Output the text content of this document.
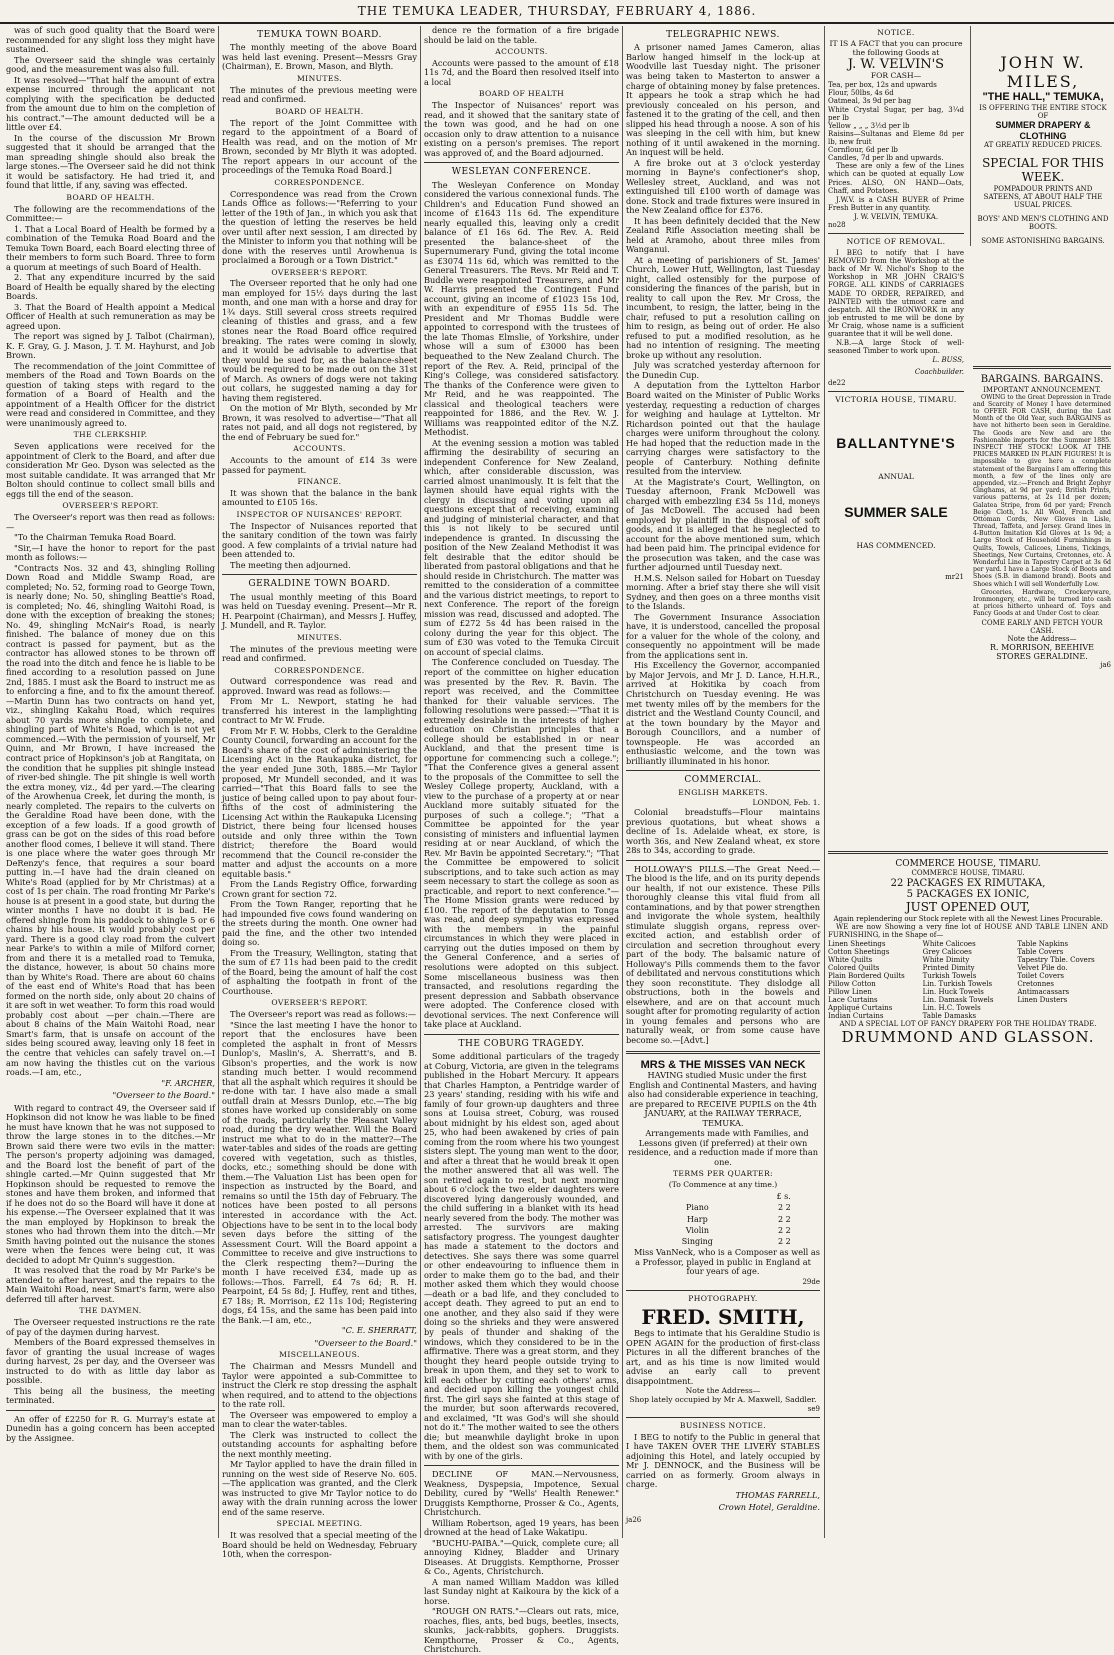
THE TEMUKA LEADER, THURSDAY, FEBRUARY 4, 1886.

was of such good quality that the Board were recommended for any slight loss they might have sustained.

The Overseer said the shingle was certainly good, and the measurement was also full.

It was resolved—"That half the amount of extra expense incurred through the applicant not complying with the specification be deducted from the amount due to him on the completion of his contract."—The amount deducted will be a little over £4.

In the course of the discussion Mr Brown suggested that it should be arranged that the man spreading shingle should also break the large stones.—The Overseer said he did not think it would be satisfactory. He had tried it, and found that little, if any, saving was effected.

BOARD OF HEALTH.

The following are the recommendations of the Committee:—

1. That a Local Board of Health be formed by a combination of the Temuka Road Board and the Temuka Town Board, each Board electing three of their members to form such Board. Three to form a quorum at meetings of such Board of Health.

2. That any expenditure incurred by the said Board of Health be equally shared by the electing Boards.

3. That the Board of Health appoint a Medical Officer of Health at such remuneration as may be agreed upon.

The report was signed by J. Talbot (Chairman), K. F. Gray, G. J. Mason, J. T. M. Hayhurst, and Job Brown.

The recommendation of the joint Committee of members of the Road and Town Boards on the question of taking steps with regard to the formation of a Board of Health and the appointment of a Health Officer for the district were read and considered in Committee, and they were unanimously agreed to.

THE CLERKSHIP.

Seven applications were received for the appointment of Clerk to the Board, and after due consideration Mr Geo. Dyson was selected as the most suitable candidate. It was arranged that Mr Bolton should continue to collect small bills and eggs till the end of the season.

OVERSEER'S REPORT.

The Overseer's report was then read as follows:—

"To the Chairman Temuka Road Board.

"Sir,—I have the honor to report for the past month as follows:—

"Contracts Nos. 32 and 43, shingling Rolling Down Road and Middle Swamp Road, are completed; No. 52, forming road to George Town, is nearly done; No. 50, shingling Beattie's Road, is completed; No. 46, shingling Waitohi Road, is done with the exception of breaking the stones; No. 49, shingling McNair's Road, is nearly finished. The balance of money due on this contract is passed for payment, but as the contractor has allowed stones to be thrown off the road into the ditch and fence he is liable to be fined according to a resolution passed on June 2nd, 1885. I must ask the Board to instruct me as to enforcing a fine, and to fix the amount thereof.—Martin Dunn has two contracts on hand yet, viz., shingling Kakahu Road, which requires about 70 yards more shingle to complete, and shingling part of White's Road, which is not yet commenced.—With the permission of yourself, Mr Quinn, and Mr Brown, I have increased the contract price of Hopkinson's job at Rangitata, on the condition that he supplies pit shingle instead of river-bed shingle. The pit shingle is well worth the extra money, viz., 4d per yard.—The clearing of the Arowhenua Creek, let during the month, is nearly completed. The repairs to the culverts on the Geraldine Road have been done, with the exception of a few loads. If a good growth of grass can be got on the sides of this road before another flood comes, I believe it will stand. There is one place where the water goes through Mr DeRenzy's fence, that requires a sour board putting in.—I have had the drain cleaned on White's Road (applied for by Mr Christmas) at a cost of 1s per chain. The road fronting Mr Parke's house is at present in a good state, but during the winter months I have no doubt it is bad. He offered shingle from his paddock to shingle 5 or 6 chains by his house. It would probably cost per yard. There is a good clay road from the culvert near Parke's to within a mile of Milford corner, from and there it is a metalled road to Temuka, the distance, however, is about 50 chains more than by White's Road. There are about 60 chains of the east end of White's Road that has been formed on the north side, only about 20 chains of it are soft in wet weather. To form this road would probably cost about —per chain.—There are about 8 chains of the Main Waitohi Road, near Smart's farm, that is unsafe on account of the sides being scoured away, leaving only 18 feet in the centre that vehicles can safely travel on.—I am now having the thistles cut on the various roads.—I am, etc.,

"F. ARCHER,
"Overseer to the Board."

With regard to contract 49, the Overseer said if Hopkinson did not know he was liable to be fined he must have known that he was not supposed to throw the large stones in to the ditches.—Mr Brown said there were two evils in the matter: The person's property adjoining was damaged, and the Board lost the benefit of part of the shingle carted.—Mr Quinn suggested that Mr Hopkinson should be requested to remove the stones and have them broken, and informed that if he does not do so the Board will have it done at his expense.—The Overseer explained that it was the man employed by Hopkinson to break the stones who had thrown them into the ditch.—Mr Smith having pointed out the nuisance the stones were when the fences were being cut, it was decided to adopt Mr Quinn's suggestion.

It was resolved that the road by Mr Parke's be attended to after harvest, and the repairs to the Main Waitohi Road, near Smart's farm, were also deferred till after harvest.

THE DAYMEN.

The Overseer requested instructions re the rate of pay of the daymen during harvest.

Members of the Board expressed themselves in favor of granting the usual increase of wages during harvest, 2s per day, and the Overseer was instructed to do with as little day labor as possible.

This being all the business, the meeting terminated.

An offer of £2250 for R. G. Murray's estate at Dunedin has a going concern has been accepted by the Assignee.

TEMUKA TOWN BOARD.

The monthly meeting of the above Board was held last evening. Present—Messrs Gray (Chairman), E. Brown, Mason, and Blyth.

MINUTES.

The minutes of the previous meeting were read and confirmed.

BOARD OF HEALTH.

The report of the Joint Committee with regard to the appointment of a Board of Health was read, and on the motion of Mr Brown, seconded by Mr Blyth it was adopted. The report appears in our account of the proceedings of the Temuka Road Board.]

CORRESPONDENCE.

Correspondence was read from the Crown Lands Office as follows:—"Referring to your letter of the 19th of Jan., in which you ask that the question of letting the reserves be held over until after next session, I am directed by the Minister to inform you that nothing will be done with the reserves until Arowhenua is proclaimed a Borough or a Town District."

OVERSEER'S REPORT.

The Overseer reported that he only had one man employed for 15½ days during the last month, and one man with a horse and dray for 1¾ days. Still several cross streets required cleaning of thistles and grass, and a few stones near the Road Board office required breaking. The rates were coming in slowly, and it would be advisable to advertise that they would be sued for, as the balance-sheet would be required to be made out on the 31st of March. As owners of dogs were not taking out collars, he suggested naming a day for having them registered.

On the motion of Mr Blyth, seconded by Mr Brown, it was resolved to advertise—"That all rates not paid, and all dogs not registered, by the end of February be sued for."

ACCOUNTS.

Accounts to the amount of £14 3s were passed for payment.

FINANCE.

It was shown that the balance in the bank amounted to £105 16s.

INSPECTOR OF NUISANCES' REPORT.

The Inspector of Nuisances reported that the sanitary condition of the town was fairly good. A few complaints of a trivial nature had been attended to.

The meeting then adjourned.

GERALDINE TOWN BOARD.

The usual monthly meeting of this Board was held on Tuesday evening. Present—Mr R. H. Pearpoint (Chairman), and Messrs J. Huffey, J. Mundell, and R. Taylor.

MINUTES.

The minutes of the previous meeting were read and confirmed.

CORRESPONDENCE.

Outward correspondence was read and approved. Inward was read as follows:—

From Mr L. Newport, stating he had transferred his interest in the lamplighting contract to Mr W. Frude.

From Mr F. W. Hobbs, Clerk to the Geraldine County Council, forwarding an account for the Board's share of the cost of administering the Licensing Act in the Raukapuka district, for the year ended June 30th, 1885.—Mr Taylor proposed, Mr Mundell seconded, and it was carried—"That this Board falls to see the justice of being called upon to pay about four-fifths of the cost of administering the Licensing Act within the Raukapuka Licensing District, there being four licensed houses outside and only three within the Town district; therefore the Board would recommend that the Council re-consider the matter and adjust the accounts on a more equitable basis."

From the Lands Registry Office, forwarding Crown grant for section 72.

From the Town Ranger, reporting that he had impounded five cows found wandering on the streets during the month. One owner had paid the fine, and the other two intended doing so.

From the Treasury, Wellington, stating that the sum of £7 11s had been paid to the credit of the Board, being the amount of half the cost of asphalting the footpath in front of the Courthouse.

OVERSEER'S REPORT.

The Overseer's report was read as follows:—

"Since the last meeting I have the honor to report that the enclosures have been completed the asphalt in front of Messrs Dunlop's, Maslin's, A. Sherratt's, and B. Gibson's properties, and the work is now standing much better. I would recommend that all the asphalt which requires it should be re-done with tar. I have also made a small outfall drain at Messrs Dunlop, etc.—The big stones have worked up considerably on some of the roads, particularly the Pleasant Valley road, during the dry weather. Will the Board instruct me what to do in the matter?—The water-tables and sides of the roads are getting covered with vegetation, such as thistles, docks, etc.; something should be done with them.—The Valuation List has been open for inspection as instructed by the Board, and remains so until the 15th day of February. The notices have been posted to all persons interested in accordance with the Act. Objections have to be sent in to the local body seven days before the sitting of the Assessment Court. Will the Board appoint a Committee to receive and give instructions to the Clerk respecting them?—During the month I have received £34, made up as follows:—Thos. Farrell, £4 7s 6d; R. H. Pearpoint, £4 5s 8d; J. Huffey, rent and tithes, £7 18s; R. Morrison, £2 11s 10d; Registering dogs, £4 15s, and the same has been paid into the Bank.—I am, etc.,

"C. E. SHERRATT,
"Overseer to the Board."
MISCELLANEOUS.

The Chairman and Messrs Mundell and Taylor were appointed a sub-Committee to instruct the Clerk re stop dressing the asphalt when required, and to attend to the objections to the rate roll.

The Overseer was empowered to employ a man to clear the water-tables.

The Clerk was instructed to collect the outstanding accounts for asphalting before the next monthly meeting.

Mr Taylor applied to have the drain filled in running on the west side of Reserve No. 605.—The application was granted, and the Clerk was instructed to give Mr Taylor notice to do away with the drain running across the lower end of the same reserve.

SPECIAL MEETING.

It was resolved that a special meeting of the Board should be held on Wednesday, February 10th, when the correspon-

dence re the formation of a fire brigade should be laid on the table.

ACCOUNTS.

Accounts were passed to the amount of £18 11s 7d, and the Board then resolved itself into a local

BOARD OF HEALTH

The Inspector of Nuisances' report was read, and it showed that the sanitary state of the town was good, and he had on one occasion only to draw attention to a nuisance existing on a person's premises. The report was approved of, and the Board adjourned.

WESLEYAN CONFERENCE.

The Wesleyan Conference on Monday considered the various connexional funds. The Children's and Education Fund showed an income of £1643 11s 6d. The expenditure nearly equalled this, leaving only a credit balance of £1 16s 6d. The Rev. A. Reid presented the balance-sheet of the Supernumerary Fund, giving the total income as £3074 11s 6d, which was remitted to the General Treasurers. The Revs. Mr Reid and T. Buddle were reappointed Treasurers, and Mr W. Harris presented the Contingent Fund account, giving an income of £1023 15s 10d, with an expenditure of £955 11s 5d. The President and Mr Thomas Buddle were appointed to correspond with the trustees of the late Thomas Elmslie, of Yorkshire, under whose will a sum of £3000 has been bequeathed to the New Zealand Church. The report of the Rev. A. Reid, principal of the King's College, was considered satisfactory. The thanks of the Conference were given to Mr Reid, and he was reappointed. The classical and theological teachers were reappointed for 1886, and the Rev. W. J. Williams was reappointed editor of the N.Z. Methodist.

At the evening session a motion was tabled affirming the desirability of securing an independent Conference for New Zealand, which, after considerable discussion, was carried almost unanimously. It is felt that the laymen should have equal rights with the clergy in discussing and voting upon all questions except that of receiving, examining and judging of ministerial character, and that this is not likely to be secured until independence is granted. In discussing the position of the New Zealand Methodist it was felt desirable that the editor should be liberated from pastoral obligations and that he should reside in Christchurch. The matter was remitted to the consideration of a committee and the various district meetings, to report to next Conference. The report of the foreign mission was read, discussed and adopted. The sum of £272 5s 4d has been raised in the colony during the year for this object. The sum of £30 was voted to the Temuka Circuit on account of special claims.

The Conference concluded on Tuesday. The report of the committee on higher education was presented by the Rev. R. Bavin. The report was received, and the Committee thanked for their valuable services. The following resolutions were passed:—"That it is extremely desirable in the interests of higher education on Christian principles that a college should be established in or near Auckland, and that the present time is opportune for commencing such a college."; "That the Conference gives a general assent to the proposals of the Committee to sell the Wesley College property, Auckland, with a view to the purchase of a property at or near Auckland more suitably situated for the purposes of such a college."; "That a Committee be appointed for the year consisting of ministers and influential laymen residing at or near Auckland, of which the Rev. Mr Bavin be appointed Secretary."; "That the Committee be empowered to solicit subscriptions, and to take such action as may seem necessary to start the college as soon as practicable, and report to next conference."—The Home Mission grants were reduced by £100. The report of the deputation to Tonga was read, and deep sympathy was expressed with the members in the painful circumstances in which they were placed in carrying out the duties imposed on them by the General Conference, and a series of resolutions were adopted on this subject. Some miscellaneous business was then transacted, and resolutions regarding the present depression and Sabbath observance were adopted. The Conference closed with devotional services. The next Conference will take place at Auckland.

THE COBURG TRAGEDY.

Some additional particulars of the tragedy at Coburg, Victoria, are given in the telegrams published in the Hobart Mercury. It appears that Charles Hampton, a Pentridge warder of 23 years' standing, residing with his wife and family of four grown-up daughters and three sons at Louisa street, Coburg, was roused about midnight by his eldest son, aged about 25, who had been awakened by cries of pain coming from the room where his two youngest sisters slept. The young man went to the door, and after a threat that he would break it open the mother answered that all was well. The son retired again to rest, but next morning about 6 o'clock the two elder daughters were discovered lying dangerously wounded, and the child suffering in a blanket with its head nearly severed from the body. The mother was arrested. The survivors are making satisfactory progress. The youngest daughter has made a statement to the doctors and detectives. She says there was some quarrel or other endeavouring to influence them in order to make them go to the bad, and their mother asked them which they would choose—death or a bad life, and they concluded to accept death. They agreed to put an end to one another, and they also said if they were doing so the shrieks and they were answered by peals of thunder and shaking of the windows, which they considered to be in the affirmative. There was a great storm, and they thought they heard people outside trying to break in upon them, and they set to work to kill each other by cutting each others' arms, and decided upon killing the youngest child first. The girl says she fainted at this stage of the murder, but soon afterwards recovered, and exclaimed, "It was God's will she should not do it." The mother waited to see the others die; but meanwhile daylight broke in upon them, and the oldest son was communicated with by one of the girls.

DECLINE OF MAN.—Nervousness, Weakness, Dyspepsia, Impotence, Sexual Debility, cured by "Wells' Health Renewer." Druggists Kempthorne, Prosser & Co., Agents, Christchurch.

William Robertson, aged 19 years, has been drowned at the head of Lake Wakatipu.

"BUCHU-PAIBA."—Quick, complete cure; all annoying Kidney, Bladder and Urinary Diseases. At Druggists. Kempthorne, Prosser & Co., Agents, Christchurch.

A man named William Maddon was killed last Sunday night at Kaikoura by the kick of a horse.

"ROUGH ON RATS."—Clears out rats, mice, roaches, flies, ants, bed bugs, beetles, insects, skunks, jack-rabbits, gophers. Druggists. Kempthorne, Prosser & Co., Agents, Christchurch.

TELEGRAPHIC NEWS.

A prisoner named James Cameron, alias Barlow hanged himself in the lock-up at Woodville last Tuesday night. The prisoner was being taken to Masterton to answer a charge of obtaining money by false pretences. It appears he took a strap which he had previously concealed on his person, and fastened it to the grating of the cell, and then slipped his head through a noose. A son of his was sleeping in the cell with him, but knew nothing of it until awakened in the morning. An inquest will be held.

A fire broke out at 3 o'clock yesterday morning in Bayne's confectioner's shop, Wellesley street, Auckland, and was not extinguished till £100 worth of damage was done. Stock and trade fixtures were insured in the New Zealand office for £376.

It has been definitely decided that the New Zealand Rifle Association meeting shall be held at Aramoho, about three miles from Wanganui.

At a meeting of parishioners of St. James' Church, Lower Hutt, Wellington, last Tuesday night, called ostensibly for the purpose of considering the finances of the parish, but in reality to call upon the Rev. Mr Cross, the incumbent, to resign, the latter, being in the chair, refused to put a resolution calling on him to resign, as being out of order. He also refused to put a modified resolution, as he had no intention of resigning. The meeting broke up without any resolution.

July was scratched yesterday afternoon for the Dunedin Cup.

A deputation from the Lyttelton Harbor Board waited on the Minister of Public Works yesterday, requesting a reduction of charges for weighing and haulage at Lyttelton. Mr Richardson pointed out that the haulage charges were uniform throughout the colony. He had hoped that the reduction made in the carrying charges were satisfactory to the people of Canterbury. Nothing definite resulted from the interview.

At the Magistrate's Court, Wellington, on Tuesday afternoon, Frank McDowell was charged with embezzling £34 5s 11d, moneys of Jas McDowell. The accused had been employed by plaintiff in the disposal of soft goods, and it is alleged that he neglected to account for the above mentioned sum, which had been paid him. The principal evidence for the prosecution was taken, and the case was further adjourned until Tuesday next.

H.M.S. Nelson sailed for Hobart on Tuesday morning. After a brief stay there she will visit Sydney, and then goes on a three months visit to the Islands.

The Government Insurance Association have, it is understood, cancelled the proposal for a valuer for the whole of the colony, and consequently no appointment will be made from the applications sent in.

His Excellency the Governor, accompanied by Major Jervois, and Mr J. D. Lance, H.H.R., arrived at Hokitika by coach from Christchurch on Tuesday evening. He was met twenty miles off by the members for the district and the Westland County Council, and at the town boundary by the Mayor and Borough Councillors, and a number of townspeople. He was accorded an enthusiastic welcome, and the town was brilliantly illuminated in his honor.

COMMERCIAL.
ENGLISH MARKETS.
LONDON, Feb. 1.

Colonial breadstuffs—Flour maintains previous quotations, but wheat shows a decline of 1s. Adelaide wheat, ex store, is worth 36s, and New Zealand wheat, ex store 28s to 34s, according to grade.

HOLLOWAY'S PILLS.—The Great Need.—The blood is the life, and on its purity depends our health, if not our existence. These Pills thoroughly cleanse this vital fluid from all contaminations, and by that power strengthen and invigorate the whole system, healthily stimulate sluggish organs, repress over-excited action, and establish order of circulation and secretion throughout every part of the body. The balsamic nature of Holloway's Pills commends them to the favor of debilitated and nervous constitutions which they soon reconstitute. They dislodge all obstructions, both in the bowels and elsewhere, and are on that account much sought after for promoting regularity of action in young females and persons who are naturally weak, or from some cause have become so.—[Advt.]

MRS & THE MISSES VAN NECK

HAVING studied Music under the first English and Continental Masters, and having also had considerable experience in teaching, are prepared to RECEIVE PUPILS on the 4th JANUARY, at the RAILWAY TERRACE, TEMUKA.

Arrangements made with Families, and Lessons given (if preferred) at their own residence, and a reduction made if more than one.

TERMS PER QUARTER:
(To Commence at any time.)
	£ s.
Piano	2 2
Harp	2 2
Violin	2 2
Singing	2 2

Miss VanNeck, who is a Composer as well as a Professor, played in public in England at four years of age.

29de
PHOTOGRAPHY.
FRED. SMITH,

Begs to intimate that his Geraldine Studio is OPEN AGAIN for the production of first-class Pictures in all the different branches of the art, and as his time is now limited would advise an early call to prevent disappointment.

Note the Address—
Shop lately occupied by Mr A. Maxwell, Saddler.
se9
BUSINESS NOTICE.

I BEG to notify to the Public in general that I have TAKEN OVER THE LIVERY STABLES adjoining this Hotel, and lately occupied by Mr J. DENNOCK, and the Business will be carried on as formerly. Groom always in charge.

THOMAS FARRELL,
Crown Hotel, Geraldine.
ja26
NOTICE.
IT IS A FACT that you can procure the following Goods at
J. W. VELVIN'S
FOR CASH—
Tea, per box, 12s and upwards
Flour, 50lbs, 4s 6d
Oatmeal, 3s 9d per bag
White Crystal Sugar, per bag, 3¼d per lb
Yellow „ „ „ 3½d per lb
Raisins—Sultanas and Eleme 8d per lb, new fruit
Cornflour, 6d per lb
Candles, 7d per lb and upwards.

These are only a few of the Lines which can be quoted at equally Low Prices. ALSO, ON HAND—Oats, Chaff, and Potatoes.

J.W.V. is a CASH BUYER of Prime Fresh Butter in any quantity.

J. W. VELVIN, TEMUKA.
no28
NOTICE OF REMOVAL.

I BEG to notify that I have REMOVED from the Workshop at the back of Mr W. Nichol's Shop to the Workshop in MR JOHN CRAIG'S FORGE. ALL KINDS of CARRIAGES MADE TO ORDER, REPAIRED, and PAINTED with the utmost care and despatch. All the IRONWORK in any job entrusted to me will be done by Mr Craig, whose name is a sufficient guarantee that it will be well done.

N.B.—A large Stock of well-seasoned Timber to work upon.

L. BUSS,
Coachbuilder.
de22
VICTORIA HOUSE, TIMARU.
BALLANTYNE'S
ANNUAL
SUMMER SALE
HAS COMMENCED.
mr21
JOHN W. MILES,
"THE HALL," TEMUKA,
IS OFFERING THE ENTIRE STOCK OF
SUMMER DRAPERY & CLOTHING
AT GREATLY REDUCED PRICES.
SPECIAL FOR THIS WEEK.
POMPADOUR PRINTS AND SATEENS, AT ABOUT HALF THE USUAL PRICES.
BOYS' AND MEN'S CLOTHING AND BOOTS.
SOME ASTONISHING BARGAINS.
BARGAINS. BARGAINS.
IMPORTANT ANNOUNCEMENT.

OWING to the Great Depression in Trade and Scarcity of Money I have determined to OFFER FOR CASH, during the Last Month of the Old Year, such BARGAINS as have not hitherto been seen in Geraldine. The Goods are New and are the Fashionable imports for the Summer 1885. INSPECT THE STOCK! LOOK AT THE PRICES MARKED IN PLAIN FIGURES! It is impossible to give here a complete statement of the Bargains I am offering this month, a few of the lines only are appended, viz.:—French and Bright Zephyr Ginghams, at 9d per yard; British Prints, various patterns, at 2s 11d per dozen; Galatea Stripe, from 6d per yard; French Beige Cloth, 1s. All Wool, French and Ottoman Cords, New Gloves in Lisle, Thread, Taffeta, and Jersey. Grand lines in 4-Button Imitation Kid Gloves at 1s 9d; a Large Stock of Household Furnishings in Quilts, Towels, Calicoes, Linens, Tickings, Sheetings, New Curtains, Cretonnes, etc. A Wonderful Line in Tapestry Carpet at 3s 6d per yard. I have a Large Stock of Boots and Shoes (S.B. in diamond brand). Boots and Shoes which I will sell Wonderfully Low.

Groceries, Hardware, Crockeryware, Ironmongery, etc., will be turned into cash at prices hitherto unheard of. Toys and Fancy Goods at and Under Cost to clear.

COME EARLY AND FETCH YOUR CASH.
Note the Address—
R. MORRISON, BEEHIVE STORES GERALDINE.
ja6
COMMERCE HOUSE, TIMARU.
COMMERCE HOUSE, TIMARU.
22 PACKAGES EX RIMUTAKA,
5 PACKAGES EX IONIC,
JUST OPENED OUT,
Again replendering our Stock replete with all the Newest Lines Procurable.

WE are now Showing a very fine lot of HOUSE AND TABLE LINEN AND FURNISHING, in the Shape of—

Linen Sheetings
Cotton Sheetings
White Quilts
Colored Quilts
Plain Bordered Quilts
Pillow Cotton
Pillow Linen
Lace Curtains
Appliqué Curtains
Indian Curtains
White Calicoes
Grey Calicoes
White Dimity
Printed Dimity
Turkish Towels
Lin. Turkish Towels
Lin. Huck Towels
Lin. Damask Towels
Lin. H.C. Towels
Table Damasks
Table Napkins
Table Covers
Tapestry Tble. Covers
Velvet Pile do.
Toilet Covers
Cretonnes
Antimacassars
Linen Dusters
AND A SPECIAL LOT OF FANCY DRAPERY FOR THE HOLIDAY TRADE.
DRUMMOND AND GLASSON.
